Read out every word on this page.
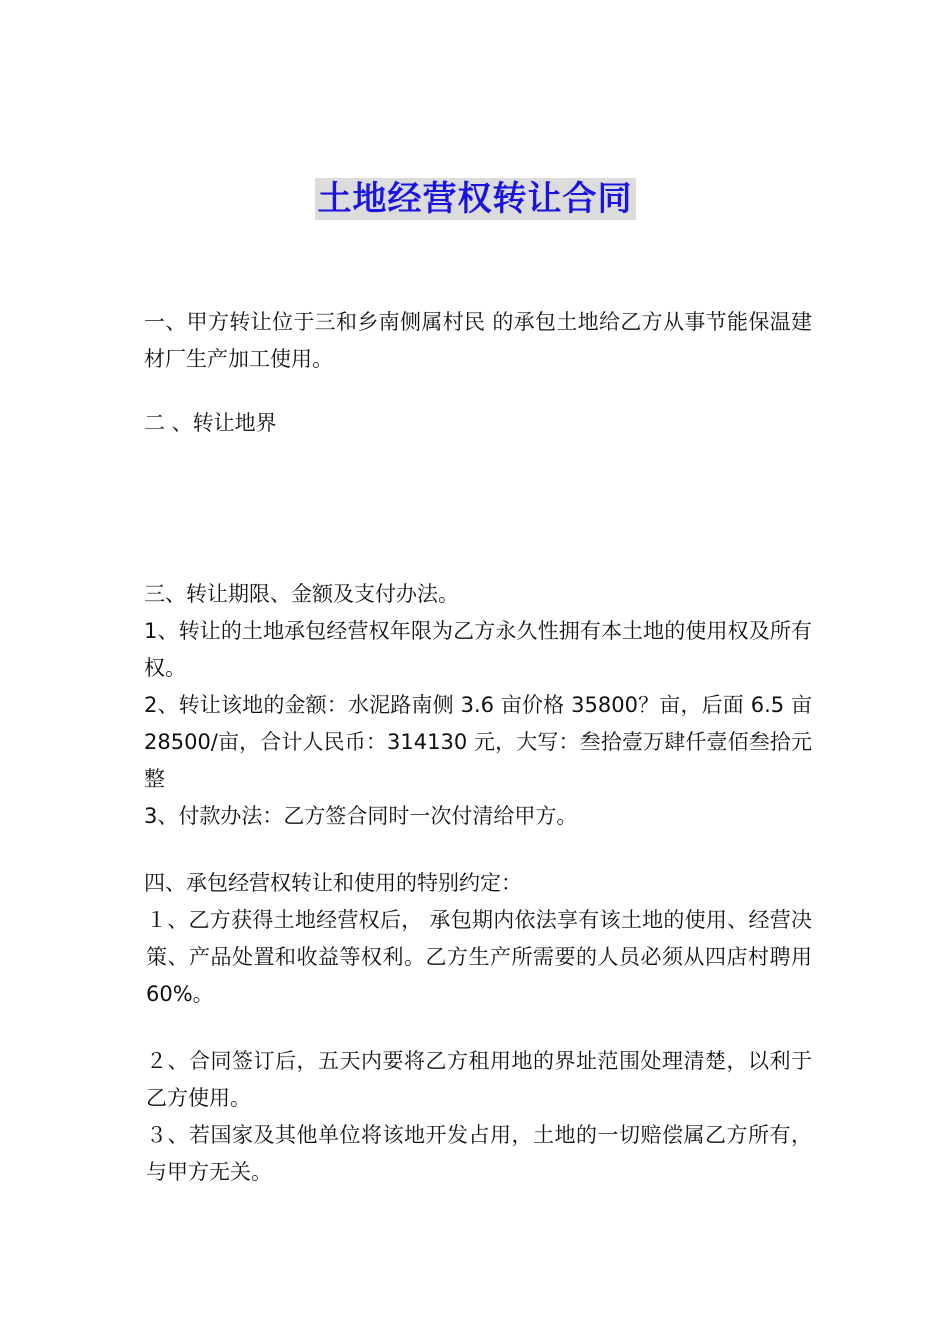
土地经营权转让合同

一、甲方转让位于三和乡南侧属村民 的承包土地给乙方从事节能保温建材厂生产加工使用。

二 、转让地界

三、转让期限、金额及支付办法。

1、转让的土地承包经营权年限为乙方永久性拥有本土地的使用权及所有权。

2、转让该地的金额：水泥路南侧 3.6 亩价格 35800？亩，后面 6.5 亩 28500/亩，合计人民币：314130 元，大写：叁拾壹万肆仟壹佰叁拾元整

3、付款办法：乙方签合同时一次付清给甲方。

四、承包经营权转让和使用的特别约定：

１、乙方获得土地经营权后， 承包期内依法享有该土地的使用、经营决策、产品处置和收益等权利。乙方生产所需要的人员必须从四店村聘用 60%。

２、合同签订后，五天内要将乙方租用地的界址范围处理清楚，以利于乙方使用。

３、若国家及其他单位将该地开发占用，土地的一切赔偿属乙方所有，与甲方无关。
